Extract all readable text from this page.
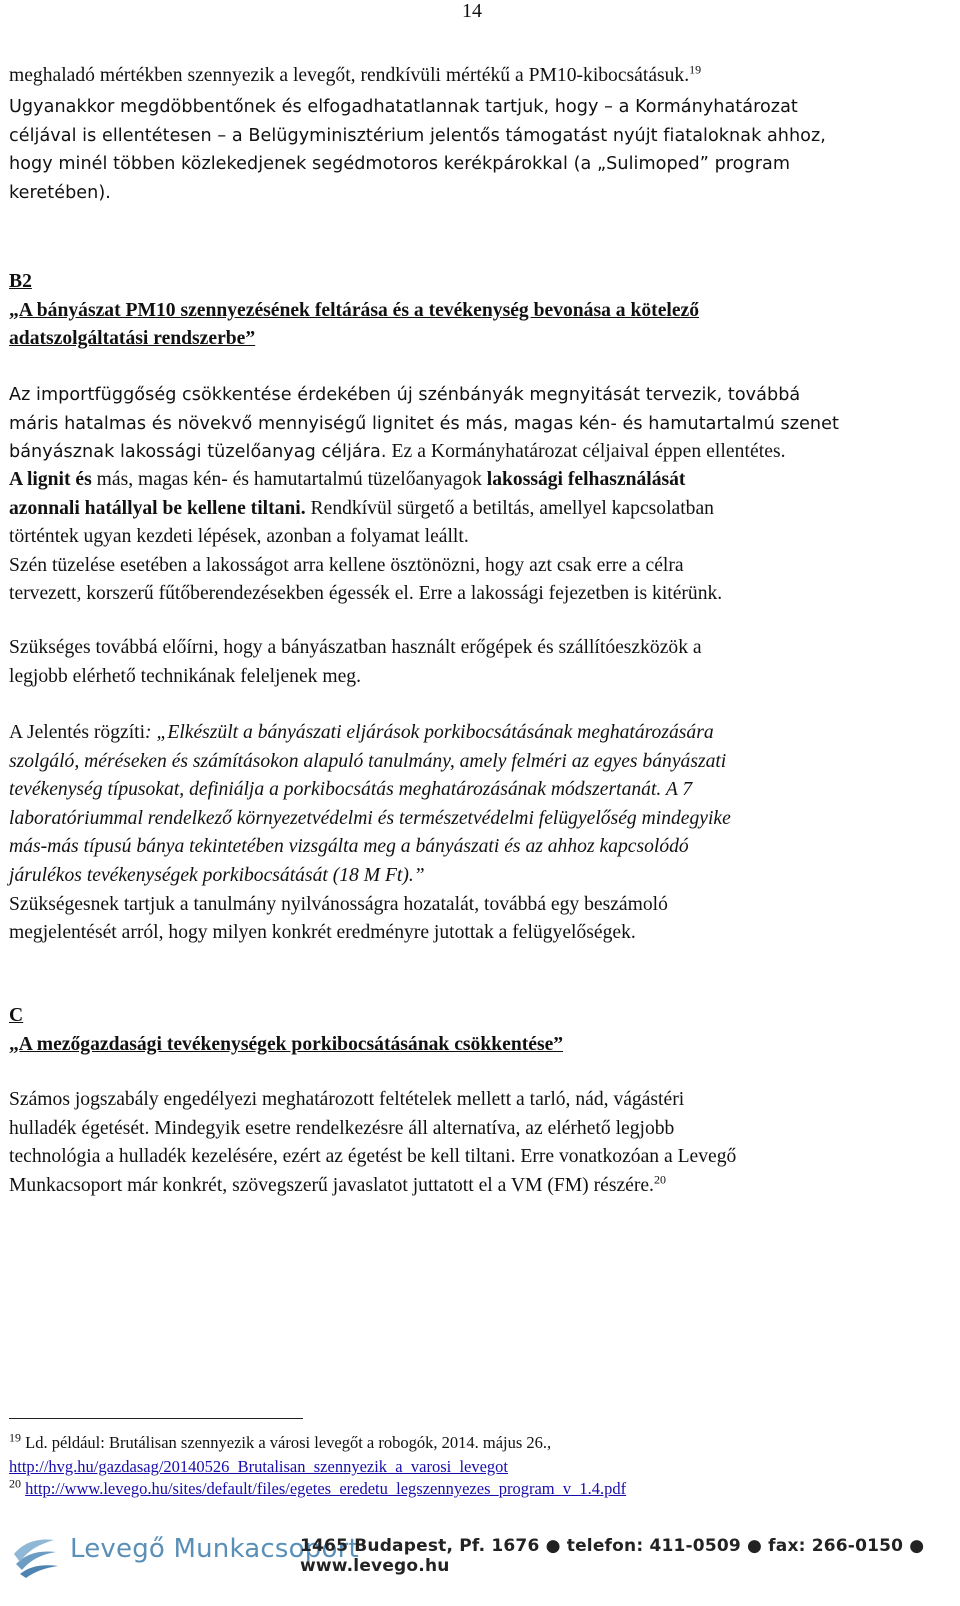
14

meghaladó mértékben szennyezik a levegőt, rendkívüli mértékű a PM10-kibocsátásuk.$^{19}$

Ugyanakkor megdöbbentőnek és elfogadhatatlannak tartjuk, hogy – a Kormányhatározat

céljával is ellentétesen – a Belügyminisztérium jelentős támogatást nyújt fiataloknak ahhoz,

hogy minél többen közlekedjenek segédmotoros kerékpárokkal (a „Sulimoped” program

keretében).

B2

„A bányászat PM10 szennyezésének feltárása és a tevékenység bevonása a kötelező

adatszolgáltatási rendszerbe”

Az importfüggőség csökkentése érdekében új szénbányák megnyitását tervezik, továbbá

máris hatalmas és növekvő mennyiségű lignitet és más, magas kén- és hamutartalmú szenet

bányásznak lakossági tüzelőanyag céljára. Ez a Kormányhatározat céljaival éppen ellentétes.

A lignit és más, magas kén- és hamutartalmú tüzelőanyagok lakossági felhasználását

azonnali hatállyal be kellene tiltani. Rendkívül sürgető a betiltás, amellyel kapcsolatban

történtek ugyan kezdeti lépések, azonban a folyamat leállt.

Szén tüzelése esetében a lakosságot arra kellene ösztönözni, hogy azt csak erre a célra

tervezett, korszerű fűtőberendezésekben égessék el. Erre a lakossági fejezetben is kitérünk.

Szükséges továbbá előírni, hogy a bányászatban használt erőgépek és szállítóeszközök a

legjobb elérhető technikának feleljenek meg.

A Jelentés rögzíti: „Elkészült a bányászati eljárások porkibocsátásának meghatározására

szolgáló, méréseken és számításokon alapuló tanulmány, amely felméri az egyes bányászati

tevékenység típusokat, definiálja a porkibocsátás meghatározásának módszertanát. A 7

laboratóriummal rendelkező környezetvédelmi és természetvédelmi felügyelőség mindegyike

más-más típusú bánya tekintetében vizsgálta meg a bányászati és az ahhoz kapcsolódó

járulékos tevékenységek porkibocsátását (18 M Ft).”

Szükségesnek tartjuk a tanulmány nyilvánosságra hozatalát, továbbá egy beszámoló

megjelentését arról, hogy milyen konkrét eredményre jutottak a felügyelőségek.

C

„A mezőgazdasági tevékenységek porkibocsátásának csökkentése”

Számos jogszabály engedélyezi meghatározott feltételek mellett a tarló, nád, vágástéri

hulladék égetését. Mindegyik esetre rendelkezésre áll alternatíva, az elérhető legjobb

technológia a hulladék kezelésére, ezért az égetést be kell tiltani. Erre vonatkozóan a Levegő

Munkacsoport már konkrét, szövegszerű javaslatot juttatott el a VM (FM) részére.$^{20}$

$^{19}$ Ld. például: Brutálisan szennyezik a városi levegőt a robogók, 2014. május 26.,

http://hvg.hu/gazdasag/20140526_Brutalisan_szennyezik_a_varosi_levegot

$^{20}$ http://www.levego.hu/sites/default/files/egetes_eredetu_legszennyezes_program_v_1.4.pdf

Levegő Munkacsoport
1465 Budapest, Pf. 1676 ● telefon: 411-0509 ● fax: 266-0150 ● www.levego.hu
